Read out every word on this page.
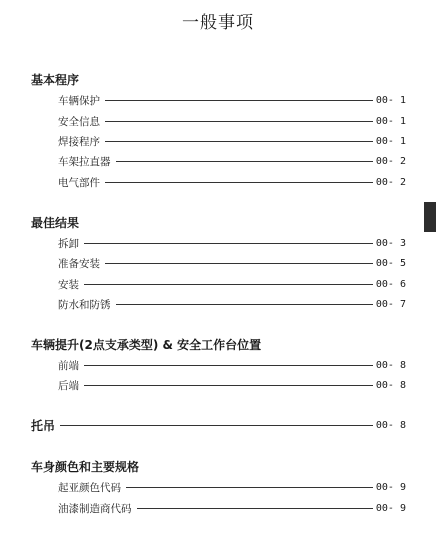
一般事项
基本程序
车辆保护	00- 1
安全信息	00- 1
焊接程序	00- 1
车架拉直器	00- 2
电气部件	00- 2
最佳结果
拆卸	00- 3
准备安装	00- 5
安装	00- 6
防水和防锈	00- 7
车辆提升(2点支承类型) & 安全工作台位置
前端	00- 8
后端	00- 8
托吊	00- 8
车身颜色和主要规格
起亚颜色代码	00- 9
油漆制造商代码	00- 9
